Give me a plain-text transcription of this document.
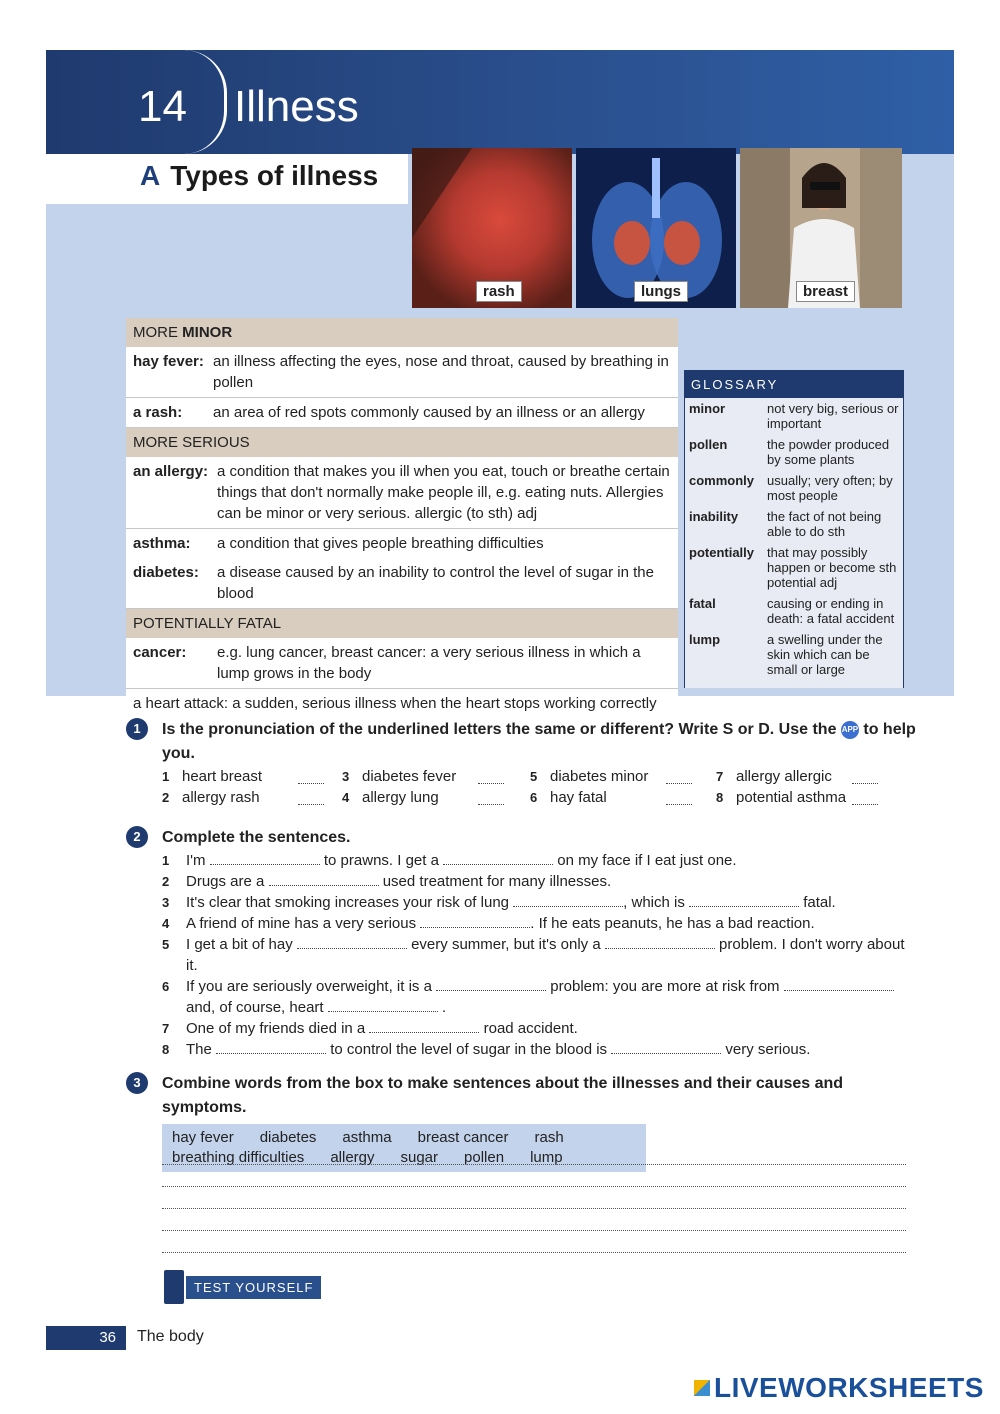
14 Illness
A Types of illness
rash	lungs	breast
MORE MINOR
hay fever: an illness affecting the eyes, nose and throat, caused by breathing in pollen
a rash:	an area of red spots commonly caused by an illness or an allergy
MORE SERIOUS
an allergy: a condition that makes you ill when you eat, touch or breathe certain things that don't normally make people ill, e.g. eating nuts. Allergies can be minor or very serious. allergic (to sth) adj
asthma:	a condition that gives people breathing difficulties
diabetes:	a disease caused by an inability to control the level of sugar in the blood
POTENTIALLY FATAL
cancer:	e.g. lung cancer, breast cancer: a very serious illness in which a lump grows in the body
a heart attack: a sudden, serious illness when the heart stops working correctly
GLOSSARY
minor	not very big, serious or important
pollen	the powder produced by some plants
commonly usually; very often; by most people
inability	the fact of not being able to do sth
potentially that may possibly happen or become sth potential adj
fatal	causing or ending in death: a fatal accident
lump	a swelling under the skin which can be small or large
1	Is the pronunciation of the underlined letters the same or different? Write S or D. Use the APP to help you.
1 heart breast	3 diabetes fever	5 diabetes minor	7 allergy allergic
2 allergy rash	4 allergy lung	6 hay fatal	8 potential asthma
2	Complete the sentences.
1	I'm	to prawns. I get a	on my face if I eat just one.
2	Drugs are a	used treatment for many illnesses.
3	It's clear that smoking increases your risk of lung	, which is	fatal.
4	A friend of mine has a very serious	. If he eats peanuts, he has a bad reaction.
5	I get a bit of hay	every summer, but it's only a	problem. I don't worry about it.
6	If you are seriously overweight, it is a	problem: you are more at risk from  and, of course, heart	.
7	One of my friends died in a	road accident.
8	The	to control the level of sugar in the blood is	very serious.
3	Combine words from the box to make sentences about the illnesses and their causes and symptoms.
hay fever diabetes asthma breast cancer rash
breathing difficulties allergy sugar pollen lump
TEST YOURSELF
36	The body
LIVEWORKSHEETS
